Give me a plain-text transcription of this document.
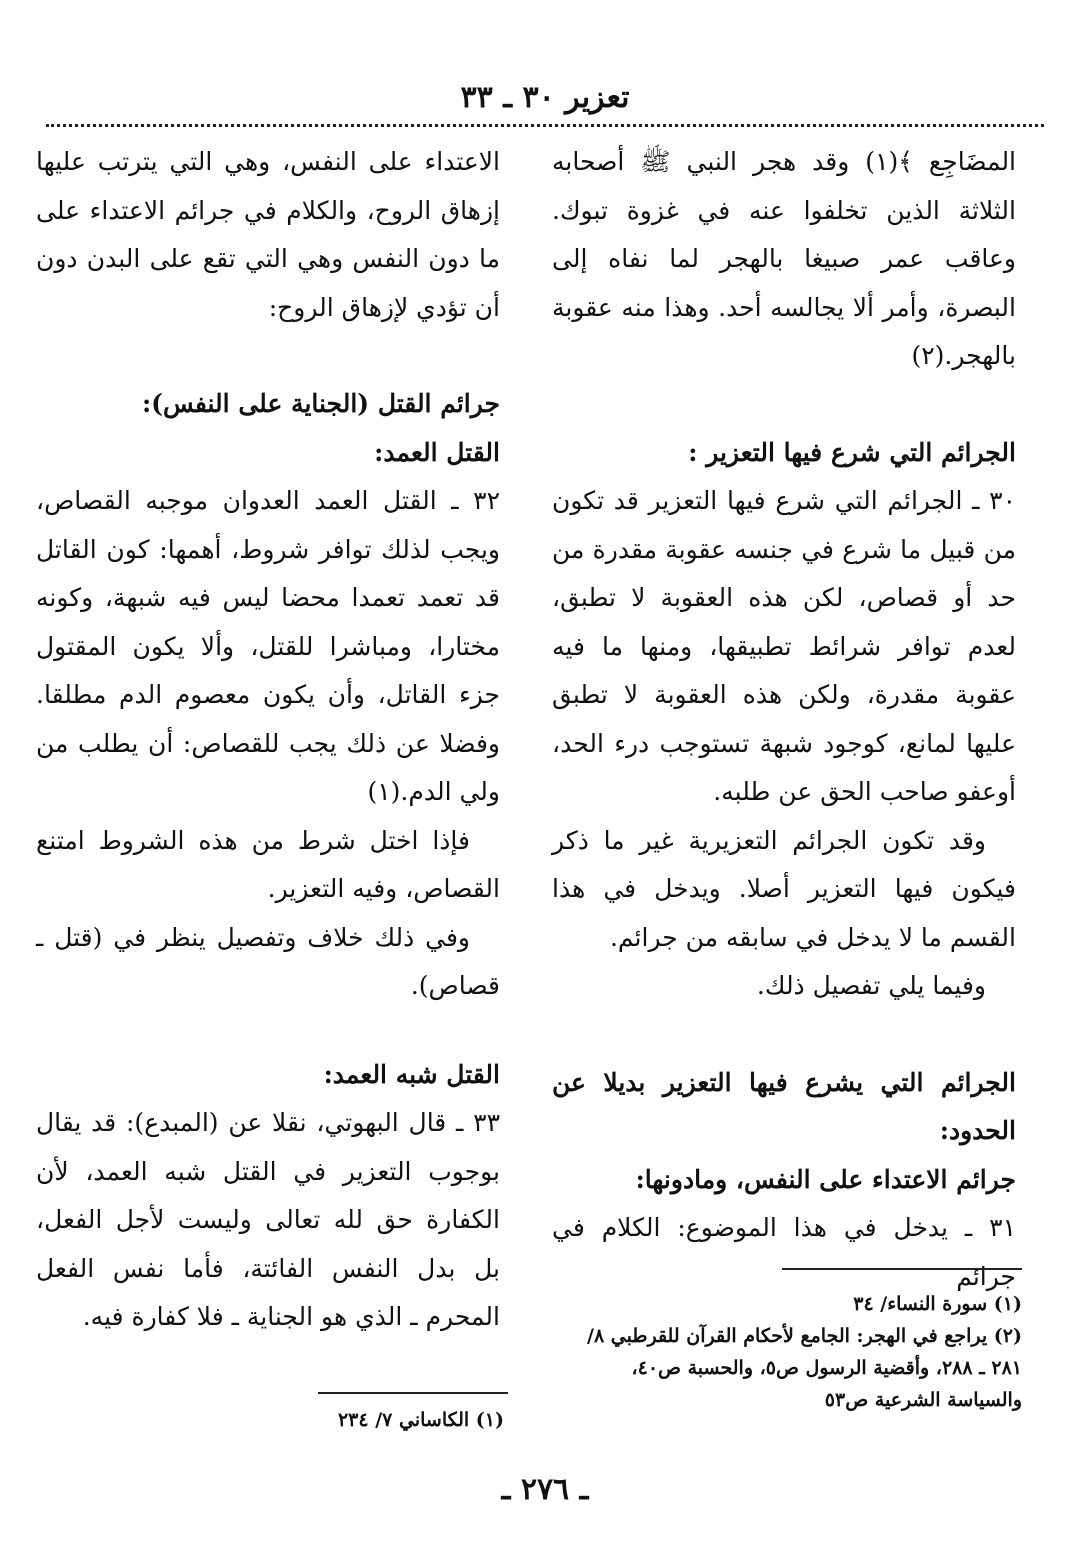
تعزير ٣٠ ـ ٣٣

المضَاجِع ﴾(١) وقد هجر النبي ﷺ أصحابه الثلاثة الذين تخلفوا عنه في غزوة تبوك. وعاقب عمر صبيغا بالهجر لما نفاه إلى البصرة، وأمر ألا يجالسه أحد. وهذا منه عقوبة بالهجر.(٢)

الجرائم التي شرع فيها التعزير :

٣٠ ـ الجرائم التي شرع فيها التعزير قد تكون من قبيل ما شرع في جنسه عقوبة مقدرة من حد أو قصاص، لكن هذه العقوبة لا تطبق، لعدم توافر شرائط تطبيقها، ومنها ما فيه عقوبة مقدرة، ولكن هذه العقوبة لا تطبق عليها لمانع، كوجود شبهة تستوجب درء الحد، أوعفو صاحب الحق عن طلبه.

وقد تكون الجرائم التعزيرية غير ما ذكر فيكون فيها التعزير أصلا. ويدخل في هذا القسم ما لا يدخل في سابقه من جرائم.

وفيما يلي تفصيل ذلك.

الجرائم التي يشرع فيها التعزير بديلا عن الحدود:

جرائم الاعتداء على النفس، ومادونها:

٣١ ـ يدخل في هذا الموضوع: الكلام في جرائم

(١) سورة النساء/ ٣٤
(٢) يراجع في الهجر: الجامع لأحكام القرآن للقرطبي ٨/ ٢٨١ ـ ٢٨٨، وأقضية الرسول ص٥، والحسبة ص٤٠، والسياسة الشرعية ص٥٣

الاعتداء على النفس، وهي التي يترتب عليها إزهاق الروح، والكلام في جرائم الاعتداء على ما دون النفس وهي التي تقع على البدن دون أن تؤدي لإزهاق الروح:

جرائم القتل (الجناية على النفس):

القتل العمد:

٣٢ ـ القتل العمد العدوان موجبه القصاص، ويجب لذلك توافر شروط، أهمها: كون القاتل قد تعمد تعمدا محضا ليس فيه شبهة، وكونه مختارا، ومباشرا للقتل، وألا يكون المقتول جزء القاتل، وأن يكون معصوم الدم مطلقا. وفضلا عن ذلك يجب للقصاص: أن يطلب من ولي الدم.(١)

فإذا اختل شرط من هذه الشروط امتنع القصاص، وفيه التعزير.

وفي ذلك خلاف وتفصيل ينظر في (قتل ـ قصاص).

القتل شبه العمد:

٣٣ ـ قال البهوتي، نقلا عن (المبدع): قد يقال بوجوب التعزير في القتل شبه العمد، لأن الكفارة حق لله تعالى وليست لأجل الفعل، بل بدل النفس الفائتة، فأما نفس الفعل المحرم ـ الذي هو الجناية ـ فلا كفارة فيه.

(١) الكاساني ٧/ ٢٣٤
ـ ٢٧٦ ـ
